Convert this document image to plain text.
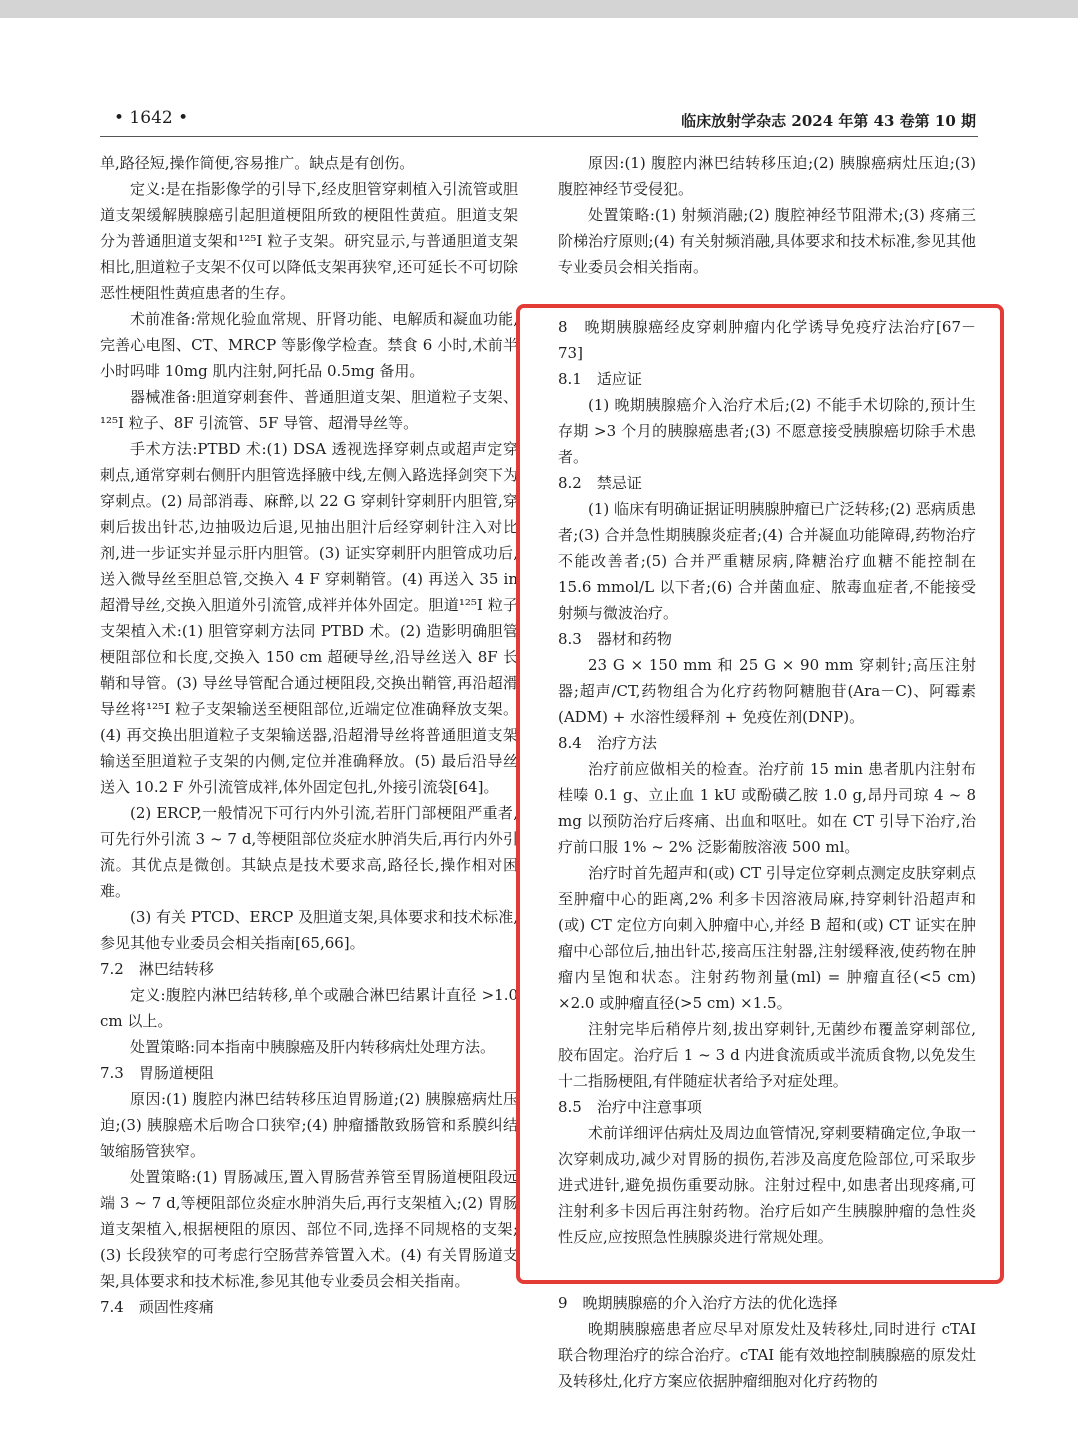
• 1642 •	临床放射学杂志 2024 年第 43 卷第 10 期

单,路径短,操作简便,容易推广。缺点是有创伤。

定义:是在指影像学的引导下,经皮胆管穿刺植入引流管或胆道支架缓解胰腺癌引起胆道梗阻所致的梗阻性黄疸。胆道支架分为普通胆道支架和¹²⁵I 粒子支架。研究显示,与普通胆道支架相比,胆道粒子支架不仅可以降低支架再狭窄,还可延长不可切除恶性梗阻性黄疸患者的生存。

术前准备:常规化验血常规、肝肾功能、电解质和凝血功能,完善心电图、CT、MRCP 等影像学检查。禁食 6 小时,术前半小时吗啡 10mg 肌内注射,阿托品 0.5mg 备用。

器械准备:胆道穿刺套件、普通胆道支架、胆道粒子支架、¹²⁵I 粒子、8F 引流管、5F 导管、超滑导丝等。

手术方法:PTBD 术:(1) DSA 透视选择穿刺点或超声定穿刺点,通常穿刺右侧肝内胆管选择腋中线,左侧入路选择剑突下为穿刺点。(2) 局部消毒、麻醉,以 22 G 穿刺针穿刺肝内胆管,穿刺后拔出针芯,边抽吸边后退,见抽出胆汁后经穿刺针注入对比剂,进一步证实并显示肝内胆管。(3) 证实穿刺肝内胆管成功后,送入微导丝至胆总管,交换入 4 F 穿刺鞘管。(4) 再送入 35 in 超滑导丝,交换入胆道外引流管,成袢并体外固定。胆道¹²⁵I 粒子支架植入术:(1) 胆管穿刺方法同 PTBD 术。(2) 造影明确胆管梗阻部位和长度,交换入 150 cm 超硬导丝,沿导丝送入 8F 长鞘和导管。(3) 导丝导管配合通过梗阻段,交换出鞘管,再沿超滑导丝将¹²⁵I 粒子支架输送至梗阻部位,近端定位准确释放支架。(4) 再交换出胆道粒子支架输送器,沿超滑导丝将普通胆道支架输送至胆道粒子支架的内侧,定位并准确释放。(5) 最后沿导丝送入 10.2 F 外引流管成袢,体外固定包扎,外接引流袋[64]。

(2) ERCP,一般情况下可行内外引流,若肝门部梗阻严重者,可先行外引流 3 ~ 7 d,等梗阻部位炎症水肿消失后,再行内外引流。其优点是微创。其缺点是技术要求高,路径长,操作相对困难。

(3) 有关 PTCD、ERCP 及胆道支架,具体要求和技术标准,参见其他专业委员会相关指南[65,66]。

7.2　淋巴结转移

定义:腹腔内淋巴结转移,单个或融合淋巴结累计直径 >1.0 cm 以上。

处置策略:同本指南中胰腺癌及肝内转移病灶处理方法。

7.3　胃肠道梗阻

原因:(1) 腹腔内淋巴结转移压迫胃肠道;(2) 胰腺癌病灶压迫;(3) 胰腺癌术后吻合口狭窄;(4) 肿瘤播散致肠管和系膜纠结皱缩肠管狭窄。

处置策略:(1) 胃肠减压,置入胃肠营养管至胃肠道梗阻段远端 3 ~ 7 d,等梗阻部位炎症水肿消失后,再行支架植入;(2) 胃肠道支架植入,根据梗阻的原因、部位不同,选择不同规格的支架;(3) 长段狭窄的可考虑行空肠营养管置入术。(4) 有关胃肠道支架,具体要求和技术标准,参见其他专业委员会相关指南。

7.4　顽固性疼痛

原因:(1) 腹腔内淋巴结转移压迫;(2) 胰腺癌病灶压迫;(3) 腹腔神经节受侵犯。

处置策略:(1) 射频消融;(2) 腹腔神经节阻滞术;(3) 疼痛三阶梯治疗原则;(4) 有关射频消融,具体要求和技术标准,参见其他专业委员会相关指南。

8　晚期胰腺癌经皮穿刺肿瘤内化学诱导免疫疗法治疗[67－73]

8.1　适应证

(1) 晚期胰腺癌介入治疗术后;(2) 不能手术切除的,预计生存期 >3 个月的胰腺癌患者;(3) 不愿意接受胰腺癌切除手术患者。

8.2　禁忌证

(1) 临床有明确证据证明胰腺肿瘤已广泛转移;(2) 恶病质患者;(3) 合并急性期胰腺炎症者;(4) 合并凝血功能障碍,药物治疗不能改善者;(5) 合并严重糖尿病,降糖治疗血糖不能控制在 15.6 mmol/L 以下者;(6) 合并菌血症、脓毒血症者,不能接受射频与微波治疗。

8.3　器材和药物

23 G × 150 mm 和 25 G × 90 mm 穿刺针;高压注射器;超声/CT,药物组合为化疗药物阿糖胞苷(Ara－C)、阿霉素(ADM) + 水溶性缓释剂 + 免疫佐剂(DNP)。

8.4　治疗方法

治疗前应做相关的检查。治疗前 15 min 患者肌内注射布桂嗪 0.1 g、立止血 1 kU 或酚磺乙胺 1.0 g,昂丹司琼 4 ~ 8 mg 以预防治疗后疼痛、出血和呕吐。如在 CT 引导下治疗,治疗前口服 1% ~ 2% 泛影葡胺溶液 500 ml。

治疗时首先超声和(或) CT 引导定位穿刺点测定皮肤穿刺点至肿瘤中心的距离,2% 利多卡因溶液局麻,持穿刺针沿超声和(或) CT 定位方向刺入肿瘤中心,并经 B 超和(或) CT 证实在肿瘤中心部位后,抽出针芯,接高压注射器,注射缓释液,使药物在肿瘤内呈饱和状态。注射药物剂量(ml) = 肿瘤直径(<5 cm) ×2.0 或肿瘤直径(>5 cm) ×1.5。

注射完毕后稍停片刻,拔出穿刺针,无菌纱布覆盖穿刺部位,胶布固定。治疗后 1 ~ 3 d 内进食流质或半流质食物,以免发生十二指肠梗阻,有伴随症状者给予对症处理。

8.5　治疗中注意事项

术前详细评估病灶及周边血管情况,穿刺要精确定位,争取一次穿刺成功,减少对胃肠的损伤,若涉及高度危险部位,可采取步进式进针,避免损伤重要动脉。注射过程中,如患者出现疼痛,可注射利多卡因后再注射药物。治疗后如产生胰腺肿瘤的急性炎性反应,应按照急性胰腺炎进行常规处理。

9　晚期胰腺癌的介入治疗方法的优化选择

晚期胰腺癌患者应尽早对原发灶及转移灶,同时进行 cTAI 联合物理治疗的综合治疗。cTAI 能有效地控制胰腺癌的原发灶及转移灶,化疗方案应依据肿瘤细胞对化疗药物的
